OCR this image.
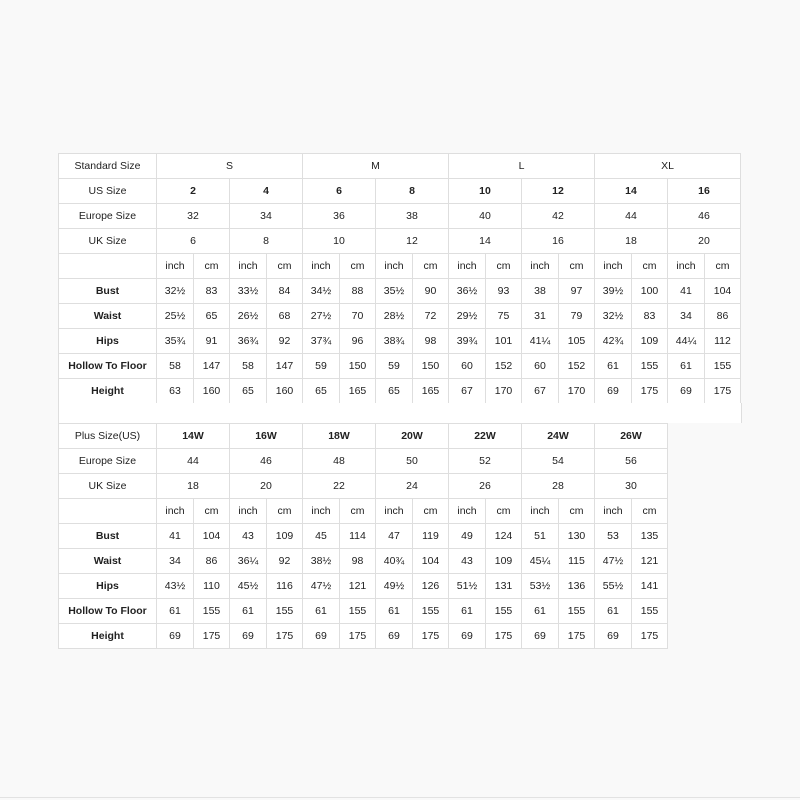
Standard Size	S				M				L				XL			
US Size	2		4		6		8		10		12		14		16	
Europe Size	32		34		36		38		40		42		44		46	
UK Size	6		8		10		12		14		16		18		20	
	inch	cm	inch	cm	inch	cm	inch	cm	inch	cm	inch	cm	inch	cm	inch	cm
Bust	32½	83	33½	84	34½	88	35½	90	36½	93	38	97	39½	100	41	104
Waist	25½	65	26½	68	27½	70	28½	72	29½	75	31	79	32½	83	34	86
Hips	35¾	91	36¾	92	37¾	96	38¾	98	39¾	101	41¼	105	42¾	109	44¼	112
Hollow To Floor	58	147	58	147	59	150	59	150	60	152	60	152	61	155	61	155
Height	63	160	65	160	65	165	65	165	67	170	67	170	69	175	69	175
Plus Size(US)	14W		16W		18W		20W		22W		24W		26W		
Europe Size	44		46		48		50		52		54		56		
UK Size	18		20		22		24		26		28		30		
	inch	cm	inch	cm	inch	cm	inch	cm	inch	cm	inch	cm	inch	cm	
Bust	41	104	43	109	45	114	47	119	49	124	51	130	53	135	
Waist	34	86	36¼	92	38½	98	40¾	104	43	109	45¼	115	47½	121	
Hips	43½	110	45½	116	47½	121	49½	126	51½	131	53½	136	55½	141	
Hollow To Floor	61	155	61	155	61	155	61	155	61	155	61	155	61	155	
Height	69	175	69	175	69	175	69	175	69	175	69	175	69	175	
